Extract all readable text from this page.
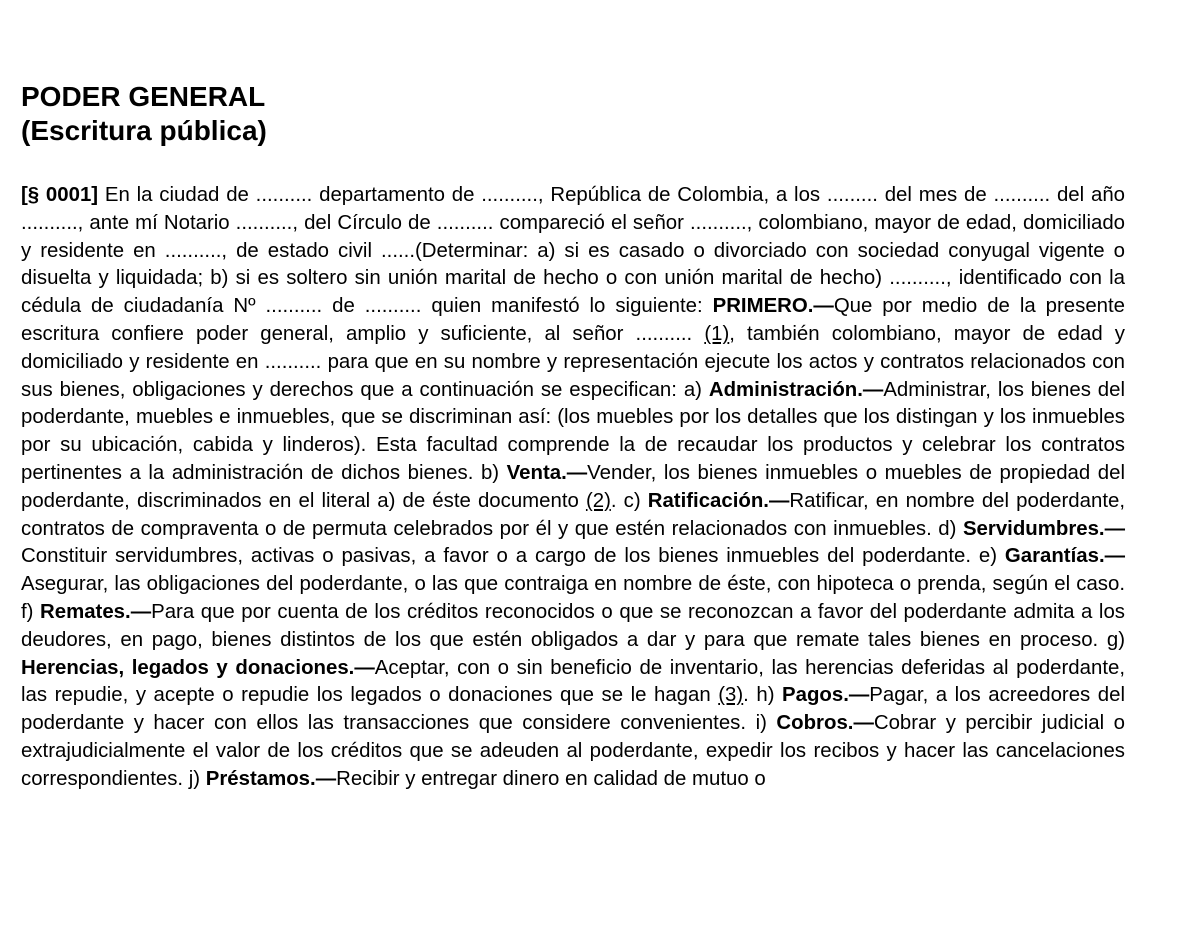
PODER GENERAL
(Escritura pública)

[§ 0001] En la ciudad de .......... departamento de .........., República de Colombia, a los ......... del mes de .......... del año .........., ante mí Notario .........., del Círculo de .......... compareció el señor .........., colombiano, mayor de edad, domiciliado y residente en .........., de estado civil ......(Determinar: a) si es casado o divorciado con sociedad conyugal vigente o disuelta y liquidada; b) si es soltero sin unión marital de hecho o con unión marital de hecho) .........., identificado con la cédula de ciudadanía Nº .......... de .......... quien manifestó lo siguiente: PRIMERO.—Que por medio de la presente escritura confiere poder general, amplio y suficiente, al señor .......... (1), también colombiano, mayor de edad y domiciliado y residente en .......... para que en su nombre y representación ejecute los actos y contratos relacionados con sus bienes, obligaciones y derechos que a continuación se especifican: a) Administración.—Administrar, los bienes del poderdante, muebles e inmuebles, que se discriminan así: (los muebles por los detalles que los distingan y los inmuebles por su ubicación, cabida y linderos). Esta facultad comprende la de recaudar los productos y celebrar los contratos pertinentes a la administración de dichos bienes. b) Venta.—Vender, los bienes inmuebles o muebles de propiedad del poderdante, discriminados en el literal a) de éste documento (2). c) Ratificación.—Ratificar, en nombre del poderdante, contratos de compraventa o de permuta celebrados por él y que estén relacionados con inmuebles. d) Servidumbres.—Constituir servidumbres, activas o pasivas, a favor o a cargo de los bienes inmuebles del poderdante. e) Garantías.—Asegurar, las obligaciones del poderdante, o las que contraiga en nombre de éste, con hipoteca o prenda, según el caso. f) Remates.—Para que por cuenta de los créditos reconocidos o que se reconozcan a favor del poderdante admita a los deudores, en pago, bienes distintos de los que estén obligados a dar y para que remate tales bienes en proceso. g) Herencias, legados y donaciones.—Aceptar, con o sin beneficio de inventario, las herencias deferidas al poderdante, las repudie, y acepte o repudie los legados o donaciones que se le hagan (3). h) Pagos.—Pagar, a los acreedores del poderdante y hacer con ellos las transacciones que considere convenientes. i) Cobros.—Cobrar y percibir judicial o extrajudicialmente el valor de los créditos que se adeuden al poderdante, expedir los recibos y hacer las cancelaciones correspondientes. j) Préstamos.—Recibir y entregar dinero en calidad de mutuo o
